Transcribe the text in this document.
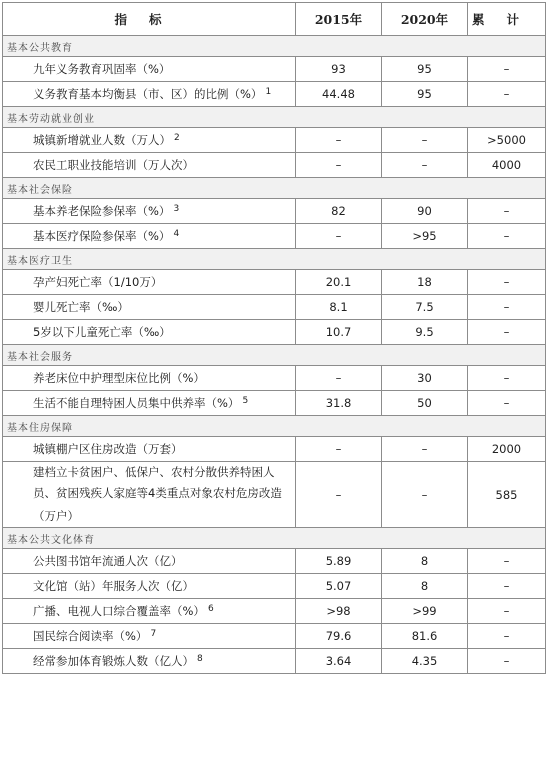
指标	2015年	2020年	累计
基本公共教育			
九年义务教育巩固率（%）	93	95	–
义务教育基本均衡县（市、区）的比例（%） $^1$	44.48	95	–
基本劳动就业创业			
城镇新增就业人数（万人） $^2$	–	–	>5000
农民工职业技能培训（万人次）	–	–	4000
基本社会保险			
基本养老保险参保率（%） $^3$	82	90	–
基本医疗保险参保率（%） $^4$	–	>95	–
基本医疗卫生			
孕产妇死亡率（1/10万）	20.1	18	–
婴儿死亡率（‰）	8.1	7.5	–
5岁以下儿童死亡率（‰）	10.7	9.5	–
基本社会服务			
养老床位中护理型床位比例（%）	–	30	–
生活不能自理特困人员集中供养率（%） $^5$	31.8	50	–
基本住房保障			
城镇棚户区住房改造（万套）	–	–	2000
建档立卡贫困户、低保户、农村分散供养特困人员、贫困残疾人家庭等4类重点对象农村危房改造（万户）	–	–	585
基本公共文化体育			
公共图书馆年流通人次（亿）	5.89	8	–
文化馆（站）年服务人次（亿）	5.07	8	–
广播、电视人口综合覆盖率（%） $^6$	>98	>99	–
国民综合阅读率（%） $^7$	79.6	81.6	–
经常参加体育锻炼人数（亿人） $^8$	3.64	4.35	–
